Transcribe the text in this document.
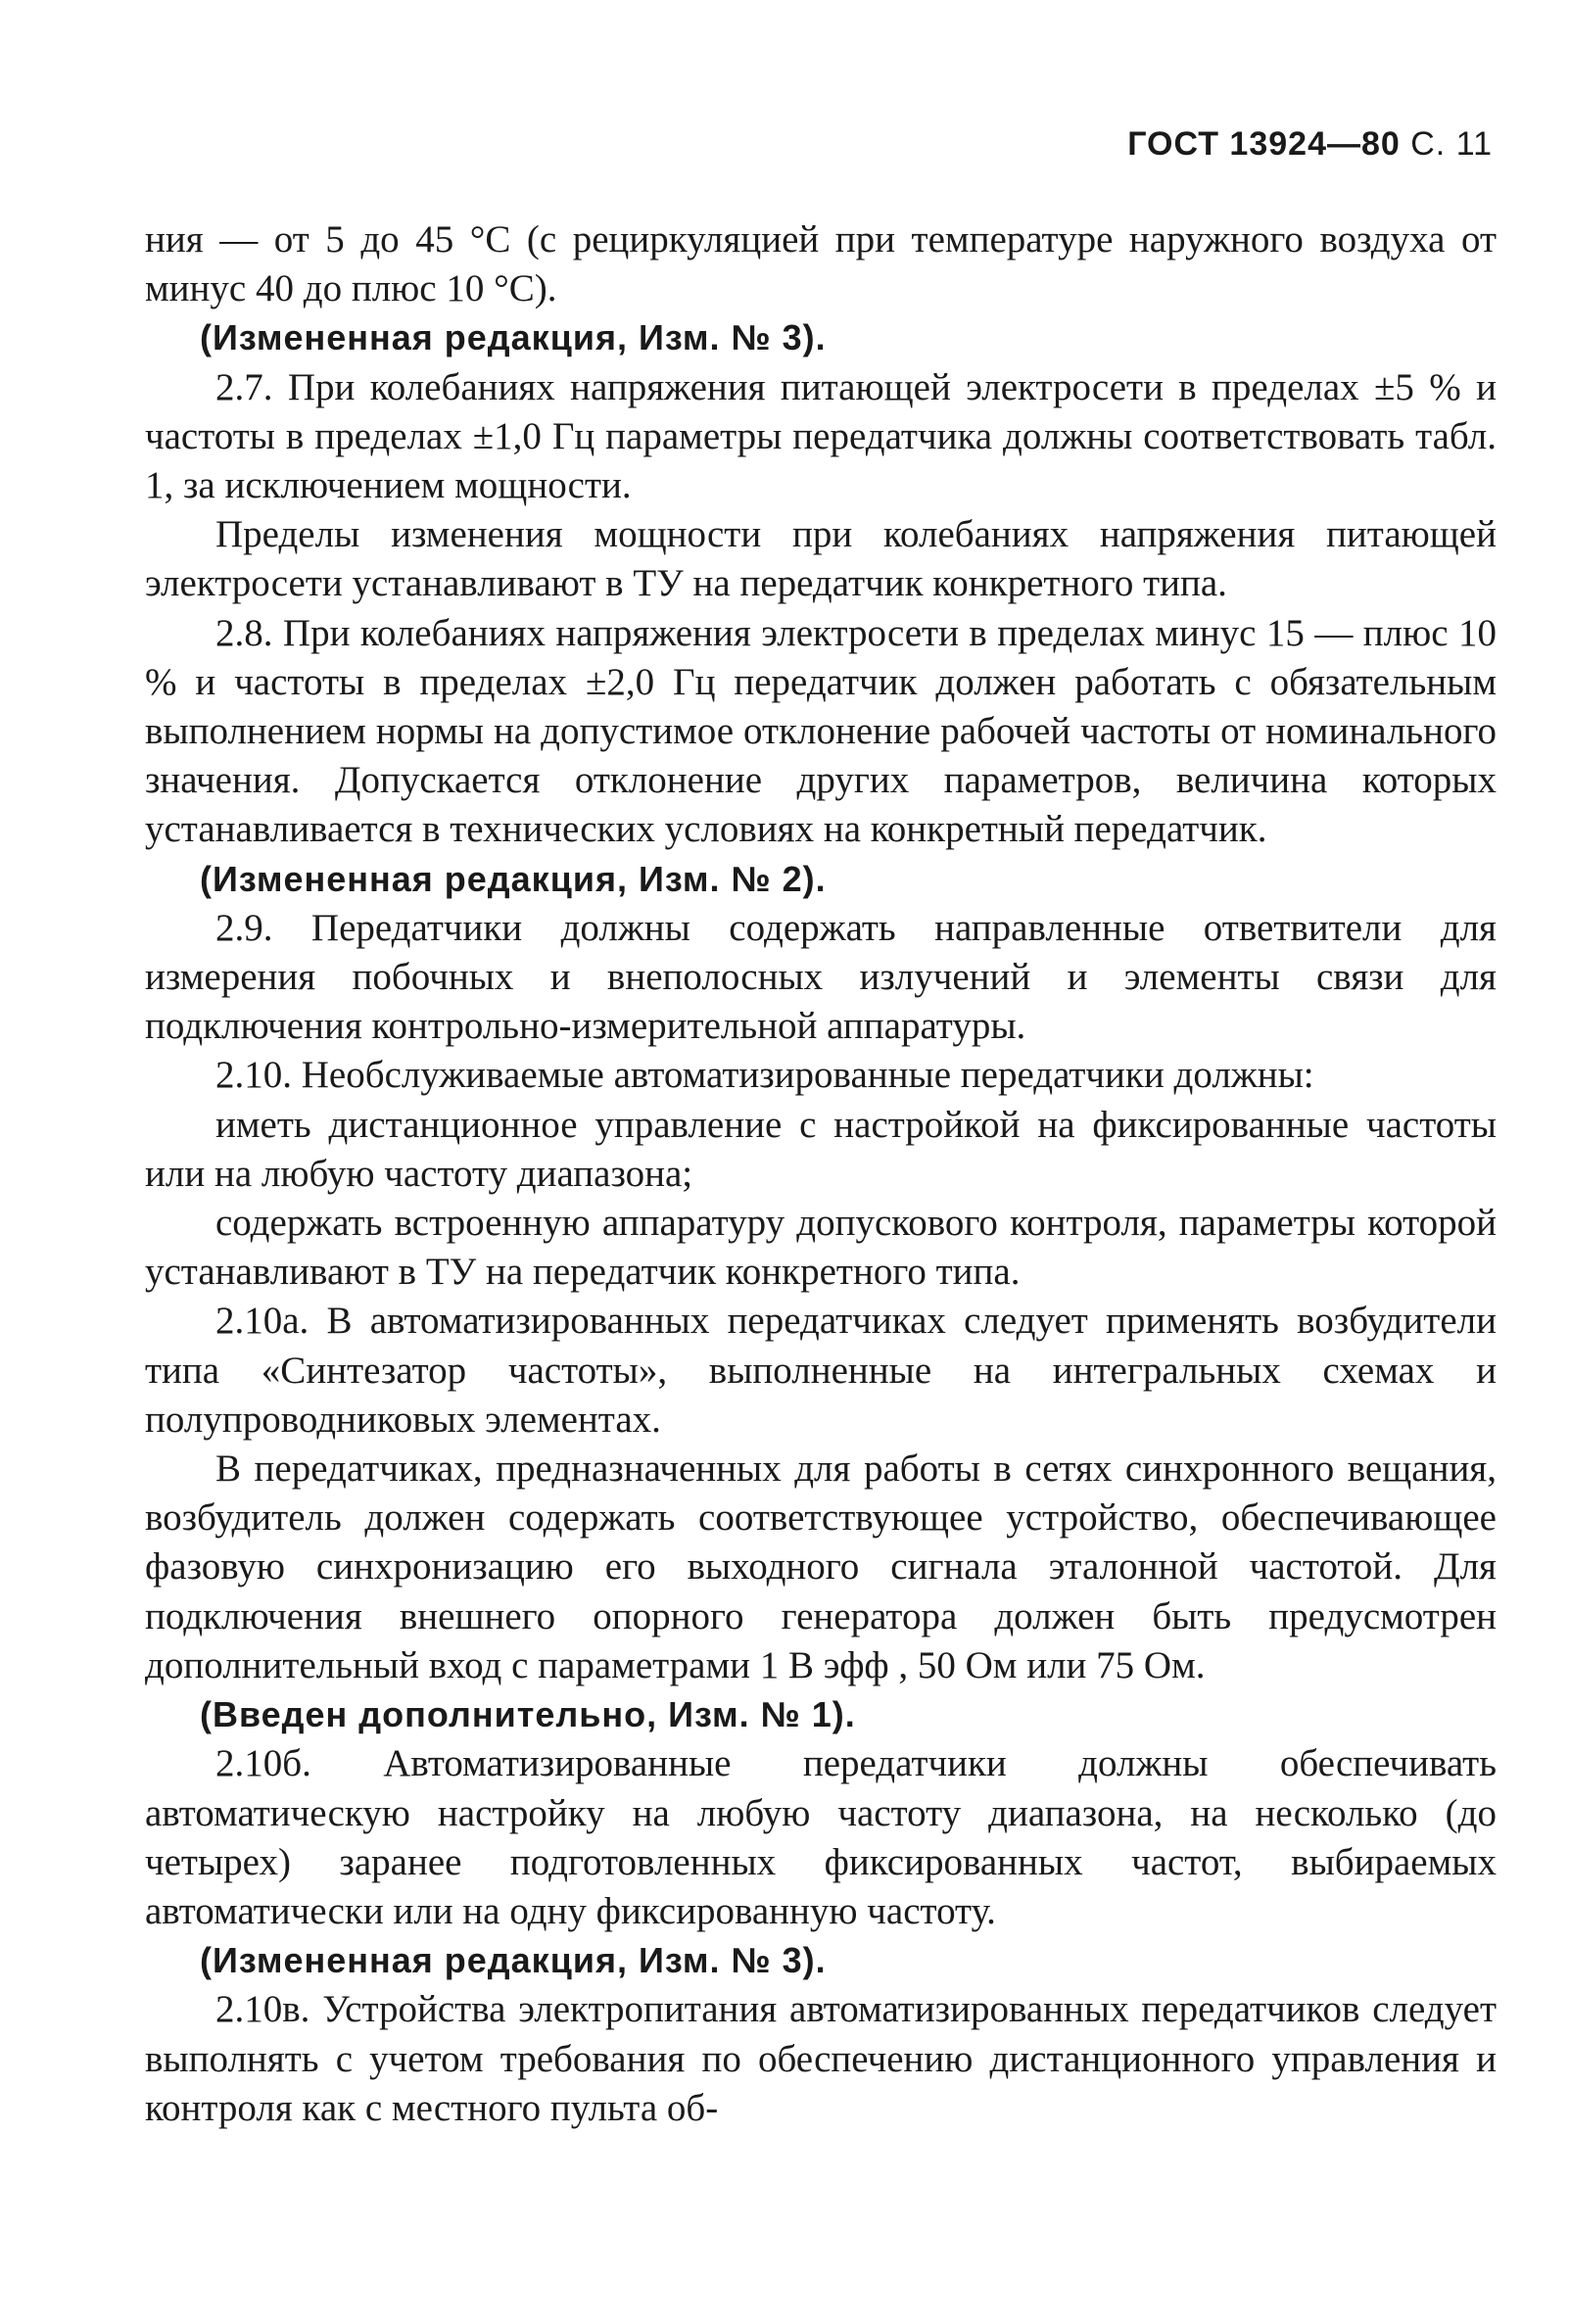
ГОСТ 13924—80 С. 11

ния — от 5 до 45 °С (с рециркуляцией при температуре наружного воздуха от минус 40 до плюс 10 °С).

(Измененная редакция, Изм. № 3).

2.7. При колебаниях напряжения питающей электросети в пределах ±5 % и частоты в пределах ±1,0 Гц параметры передатчика должны соответствовать табл. 1, за исключением мощности.

Пределы изменения мощности при колебаниях напряжения питающей электросети устанавливают в ТУ на передатчик конкретного типа.

2.8. При колебаниях напряжения электросети в пределах минус 15 — плюс 10 % и частоты в пределах ±2,0 Гц передатчик должен работать с обязательным выполнением нормы на допустимое отклонение рабочей частоты от номинального значения. Допускается отклонение других параметров, величина которых устанавливается в технических условиях на конкретный передатчик.

(Измененная редакция, Изм. № 2).

2.9. Передатчики должны содержать направленные ответвители для измерения побочных и внеполосных излучений и элементы связи для подключения контрольно-измерительной аппаратуры.

2.10. Необслуживаемые автоматизированные передатчики должны:

иметь дистанционное управление с настройкой на фиксированные частоты или на любую частоту диапазона;

содержать встроенную аппаратуру допускового контроля, параметры которой устанавливают в ТУ на передатчик конкретного типа.

2.10а. В автоматизированных передатчиках следует применять возбудители типа «Синтезатор частоты», выполненные на интегральных схемах и полупроводниковых элементах.

В передатчиках, предназначенных для работы в сетях синхронного вещания, возбудитель должен содержать соответствующее устройство, обеспечивающее фазовую синхронизацию его выходного сигнала эталонной частотой. Для подключения внешнего опорного генератора должен быть предусмотрен дополнительный вход с параметрами 1 В эфф , 50 Ом или 75 Ом.

(Введен дополнительно, Изм. № 1).

2.10б. Автоматизированные передатчики должны обеспечивать автоматическую настройку на любую частоту диапазона, на несколько (до четырех) заранее подготовленных фиксированных частот, выбираемых автоматически или на одну фиксированную частоту.

(Измененная редакция, Изм. № 3).

2.10в. Устройства электропитания автоматизированных передатчиков следует выполнять с учетом требования по обеспечению дистанционного управления и контроля как с местного пульта об-
